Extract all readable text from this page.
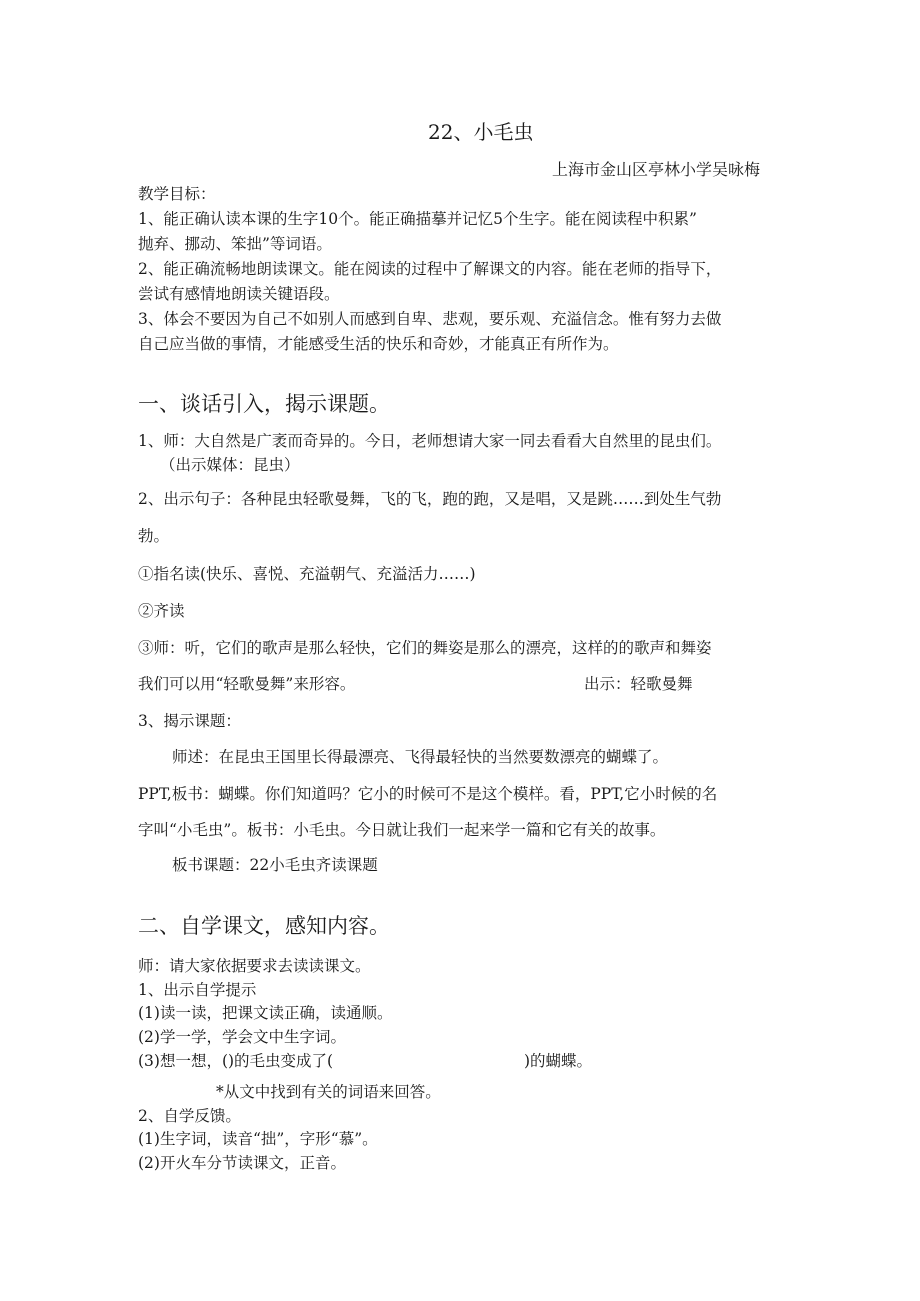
22、小毛虫
上海市金山区亭林小学吴咏梅
教学目标：
1、能正确认读本课的生字10个。能正确描摹并记忆5个生字。能在阅读程中积累”
抛弃、挪动、笨拙”等词语。
2、能正确流畅地朗读课文。能在阅读的过程中了解课文的内容。能在老师的指导下，
尝试有感情地朗读关键语段。
3、体会不要因为自己不如别人而感到自卑、悲观，要乐观、充溢信念。惟有努力去做
自己应当做的事情，才能感受生活的快乐和奇妙，才能真正有所作为。
一、谈话引入，揭示课题。
1、师：大自然是广袤而奇异的。今日，老师想请大家一同去看看大自然里的昆虫们。
（出示媒体：昆虫）
2、出示句子：各种昆虫轻歌曼舞，飞的飞，跑的跑，又是唱，又是跳……到处生气勃
勃。
①指名读(快乐、喜悦、充溢朝气、充溢活力……)
②齐读
③师：听，它们的歌声是那么轻快，它们的舞姿是那么的漂亮，这样的的歌声和舞姿
我们可以用“轻歌曼舞”来形容。	出示：轻歌曼舞
3、揭示课题：
师述：在昆虫王国里长得最漂亮、飞得最轻快的当然要数漂亮的蝴蝶了。
PPT,板书：蝴蝶。你们知道吗？它小的时候可不是这个模样。看，PPT,它小时候的名
字叫“小毛虫”。板书：小毛虫。今日就让我们一起来学一篇和它有关的故事。
板书课题：22小毛虫齐读课题
二、自学课文，感知内容。
师：请大家依据要求去读读课文。
1、出示自学提示
(1)读一读，把课文读正确，读通顺。
(2)学一学，学会文中生字词。
(3)想一想，()的毛虫变成了(	)的蝴蝶。
*从文中找到有关的词语来回答。
2、自学反馈。
(1)生字词，读音“拙”，字形“慕”。
(2)开火车分节读课文，正音。
